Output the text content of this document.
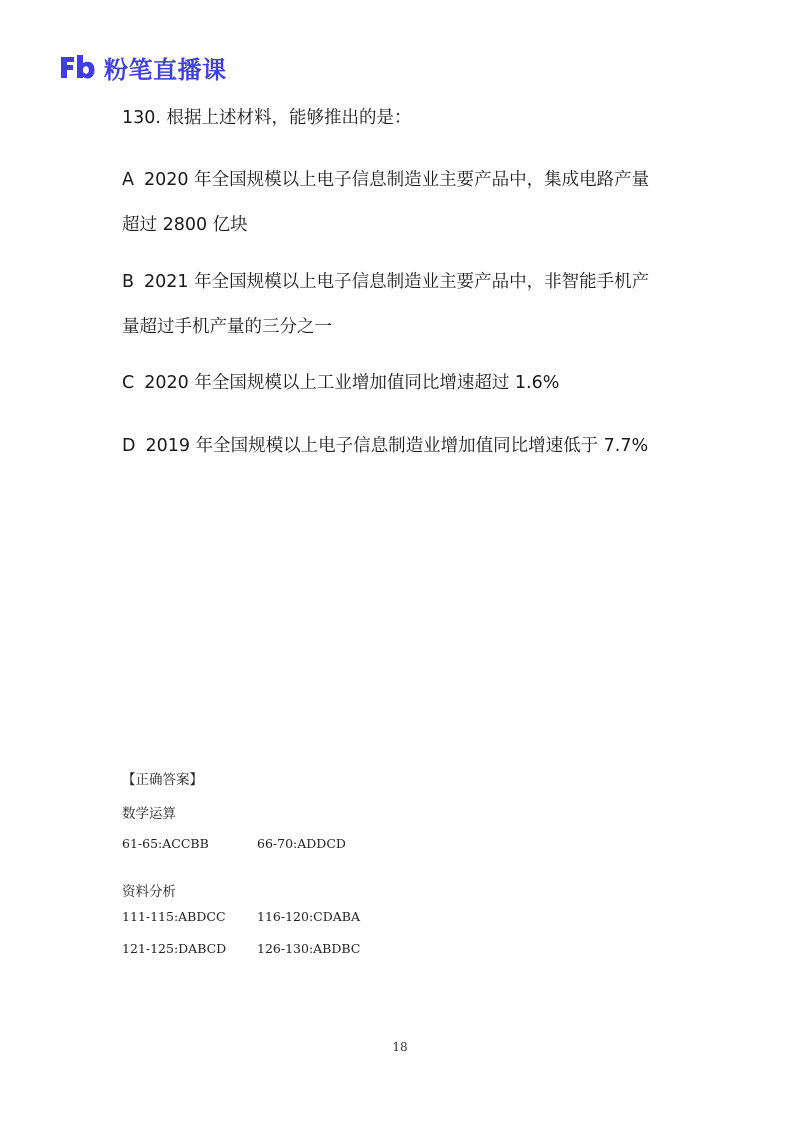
粉笔直播课
130. 根据上述材料，能够推出的是：
A 2020 年全国规模以上电子信息制造业主要产品中，集成电路产量
超过 2800 亿块
B 2021 年全国规模以上电子信息制造业主要产品中，非智能手机产
量超过手机产量的三分之一
C 2020 年全国规模以上工业增加值同比增速超过 1.6%
D 2019 年全国规模以上电子信息制造业增加值同比增速低于 7.7%
【正确答案】
数学运算
61-65:ACCBB	66-70:ADDCD
资料分析
111-115:ABDCC	116-120:CDABA
121-125:DABCD 126-130:ABDBC
18
